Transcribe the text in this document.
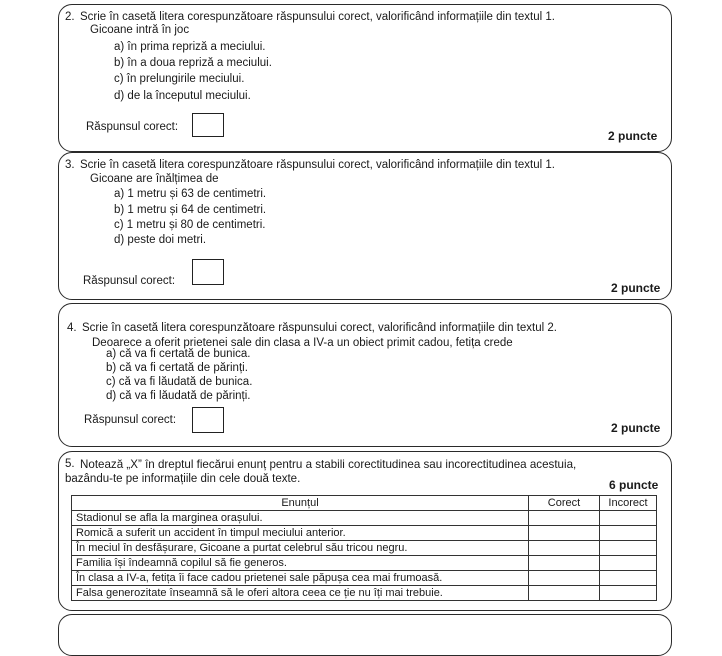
2. Scrie în casetă litera corespunzătoare răspunsului corect, valorificând informațiile din textul 1.
Gicoane intră în joc
a) în prima repriză a meciului.
b) în a doua repriză a meciului.
c) în prelungirile meciului.
d) de la începutul meciului.
Răspunsul corect:
2 puncte
3. Scrie în casetă litera corespunzătoare răspunsului corect, valorificând informațiile din textul 1.
Gicoane are înălțimea de
a) 1 metru și 63 de centimetri.
b) 1 metru și 64 de centimetri.
c) 1 metru și 80 de centimetri.
d) peste doi metri.
Răspunsul corect:	2 puncte
4. Scrie în casetă litera corespunzătoare răspunsului corect, valorificând informațiile din textul 2.
Deoarece a oferit prietenei sale din clasa a IV-a un obiect primit cadou, fetița crede
a) că va fi certată de bunica.
b) că va fi certată de părinți.
c) că va fi lăudată de bunica.
d) că va fi lăudată de părinți.
Răspunsul corect:
2 puncte
5. Notează „X” în dreptul fiecărui enunț pentru a stabili corectitudinea sau incorectitudinea acestuia,
bazându-te pe informațiile din cele două texte.	6 puncte
Enunțul	Corect	Incorect
Stadionul se afla la marginea orașului.		
Romică a suferit un accident în timpul meciului anterior.		
În meciul în desfășurare, Gicoane a purtat celebrul său tricou negru.		
Familia își îndeamnă copilul să fie generos.		
În clasa a IV-a, fetița îi face cadou prietenei sale păpușa cea mai frumoasă.		
Falsa generozitate înseamnă să le oferi altora ceea ce ție nu îți mai trebuie.		
